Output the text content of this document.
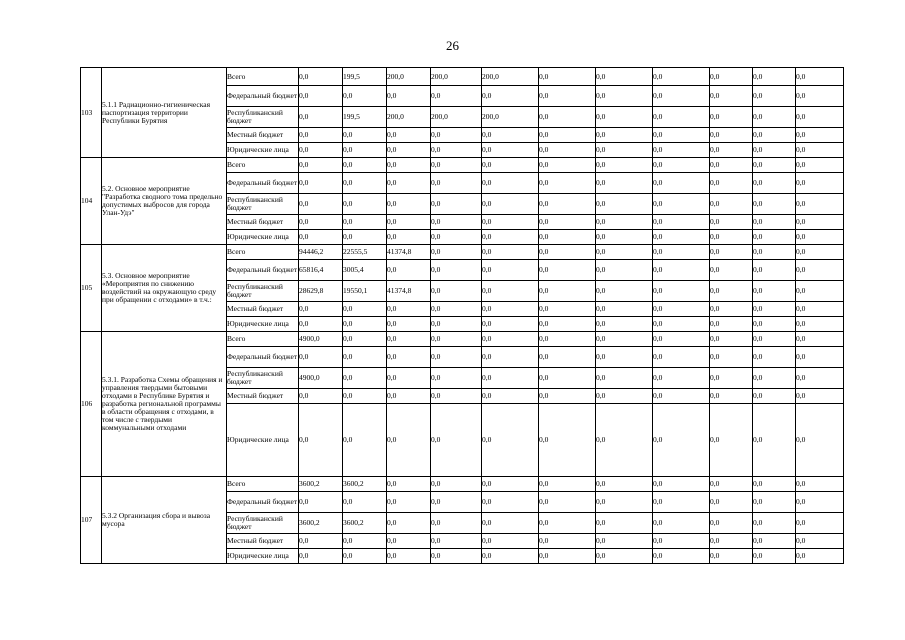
26
103	5.1.1 Радиационно-гигиеническая паспортизация территории Республики Бурятия	Всего	0,0	199,5	200,0	200,0	200,0	0,0	0,0	0,0	0,0	0,0	0,0
		Федеральный бюджет	0,0	0,0	0,0	0,0	0,0	0,0	0,0	0,0	0,0	0,0	0,0
		Республиканский бюджет	0,0	199,5	200,0	200,0	200,0	0,0	0,0	0,0	0,0	0,0	0,0
		Местный бюджет	0,0	0,0	0,0	0,0	0,0	0,0	0,0	0,0	0,0	0,0	0,0
		Юридические лица	0,0	0,0	0,0	0,0	0,0	0,0	0,0	0,0	0,0	0,0	0,0
104	5.2. Основное мероприятие "Разработка сводного тома предельно допустимых выбросов для города Улан-Удэ"	Всего	0,0	0,0	0,0	0,0	0,0	0,0	0,0	0,0	0,0	0,0	0,0
		Федеральный бюджет	0,0	0,0	0,0	0,0	0,0	0,0	0,0	0,0	0,0	0,0	0,0
		Республиканский бюджет	0,0	0,0	0,0	0,0	0,0	0,0	0,0	0,0	0,0	0,0	0,0
		Местный бюджет	0,0	0,0	0,0	0,0	0,0	0,0	0,0	0,0	0,0	0,0	0,0
		Юридические лица	0,0	0,0	0,0	0,0	0,0	0,0	0,0	0,0	0,0	0,0	0,0
105	5.3. Основное мероприятие «Мероприятия по снижению воздействий на окружающую среду при обращении с отходами» в т.ч.:	Всего	94446,2	22555,5	41374,8	0,0	0,0	0,0	0,0	0,0	0,0	0,0	0,0
		Федеральный бюджет	65816,4	3005,4	0,0	0,0	0,0	0,0	0,0	0,0	0,0	0,0	0,0
		Республиканский бюджет	28629,8	19550,1	41374,8	0,0	0,0	0,0	0,0	0,0	0,0	0,0	0,0
		Местный бюджет	0,0	0,0	0,0	0,0	0,0	0,0	0,0	0,0	0,0	0,0	0,0
		Юридические лица	0,0	0,0	0,0	0,0	0,0	0,0	0,0	0,0	0,0	0,0	0,0
106	5.3.1. Разработка Схемы обращения и управления твердыми бытовыми отходами в Республике Бурятия и разработка региональной программы в области обращения с отходами, в том числе с твердыми коммунальными отходами	Всего	4900,0	0,0	0,0	0,0	0,0	0,0	0,0	0,0	0,0	0,0	0,0
		Федеральный бюджет	0,0	0,0	0,0	0,0	0,0	0,0	0,0	0,0	0,0	0,0	0,0
		Республиканский бюджет	4900,0	0,0	0,0	0,0	0,0	0,0	0,0	0,0	0,0	0,0	0,0
		Местный бюджет	0,0	0,0	0,0	0,0	0,0	0,0	0,0	0,0	0,0	0,0	0,0
		Юридические лица	0,0	0,0	0,0	0,0	0,0	0,0	0,0	0,0	0,0	0,0	0,0
107	5.3.2 Организация сбора и вывоза мусора	Всего	3600,2	3600,2	0,0	0,0	0,0	0,0	0,0	0,0	0,0	0,0	0,0
		Федеральный бюджет	0,0	0,0	0,0	0,0	0,0	0,0	0,0	0,0	0,0	0,0	0,0
		Республиканский бюджет	3600,2	3600,2	0,0	0,0	0,0	0,0	0,0	0,0	0,0	0,0	0,0
		Местный бюджет	0,0	0,0	0,0	0,0	0,0	0,0	0,0	0,0	0,0	0,0	0,0
		Юридические лица	0,0	0,0	0,0	0,0	0,0	0,0	0,0	0,0	0,0	0,0	0,0
